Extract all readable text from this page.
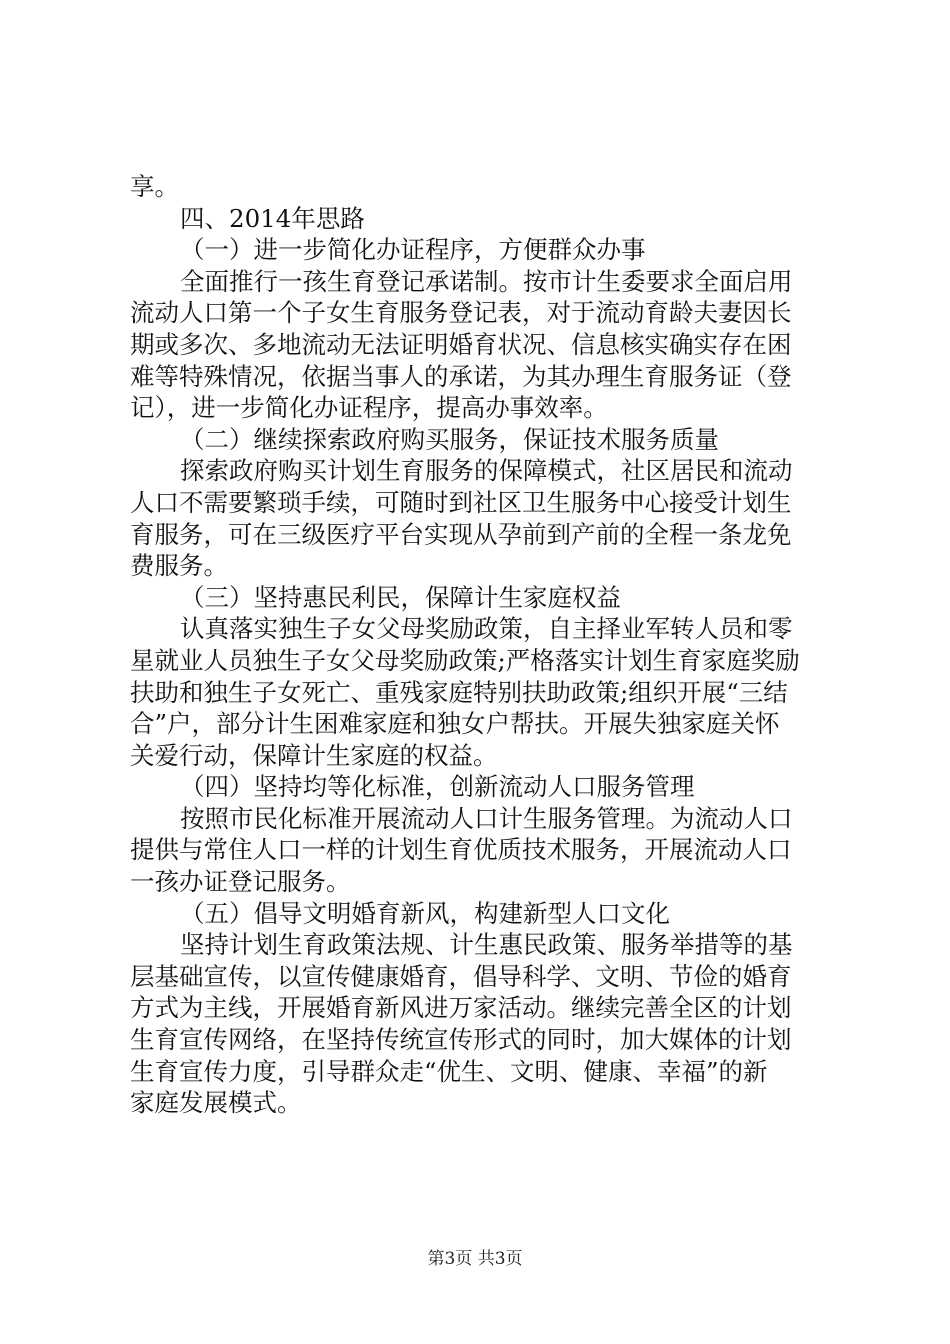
享。
四、2014年思路
（一）进一步简化办证程序，方便群众办事
全面推行一孩生育登记承诺制。按市计生委要求全面启用
流动人口第一个子女生育服务登记表，对于流动育龄夫妻因长
期或多次、多地流动无法证明婚育状况、信息核实确实存在困
难等特殊情况，依据当事人的承诺，为其办理生育服务证（登
记），进一步简化办证程序，提高办事效率。
（二）继续探索政府购买服务，保证技术服务质量
探索政府购买计划生育服务的保障模式，社区居民和流动
人口不需要繁琐手续，可随时到社区卫生服务中心接受计划生
育服务，可在三级医疗平台实现从孕前到产前的全程一条龙免
费服务。
（三）坚持惠民利民，保障计生家庭权益
认真落实独生子女父母奖励政策，自主择业军转人员和零
星就业人员独生子女父母奖励政策;严格落实计划生育家庭奖励
扶助和独生子女死亡、重残家庭特别扶助政策;组织开展“三结
合”户，部分计生困难家庭和独女户帮扶。开展失独家庭关怀
关爱行动，保障计生家庭的权益。
（四）坚持均等化标准，创新流动人口服务管理
按照市民化标准开展流动人口计生服务管理。为流动人口
提供与常住人口一样的计划生育优质技术服务，开展流动人口
一孩办证登记服务。
（五）倡导文明婚育新风，构建新型人口文化
坚持计划生育政策法规、计生惠民政策、服务举措等的基
层基础宣传，以宣传健康婚育，倡导科学、文明、节俭的婚育
方式为主线，开展婚育新风进万家活动。继续完善全区的计划
生育宣传网络，在坚持传统宣传形式的同时，加大媒体的计划
生育宣传力度，引导群众走“优生、文明、健康、幸福”的新
家庭发展模式。
第3页 共3页
